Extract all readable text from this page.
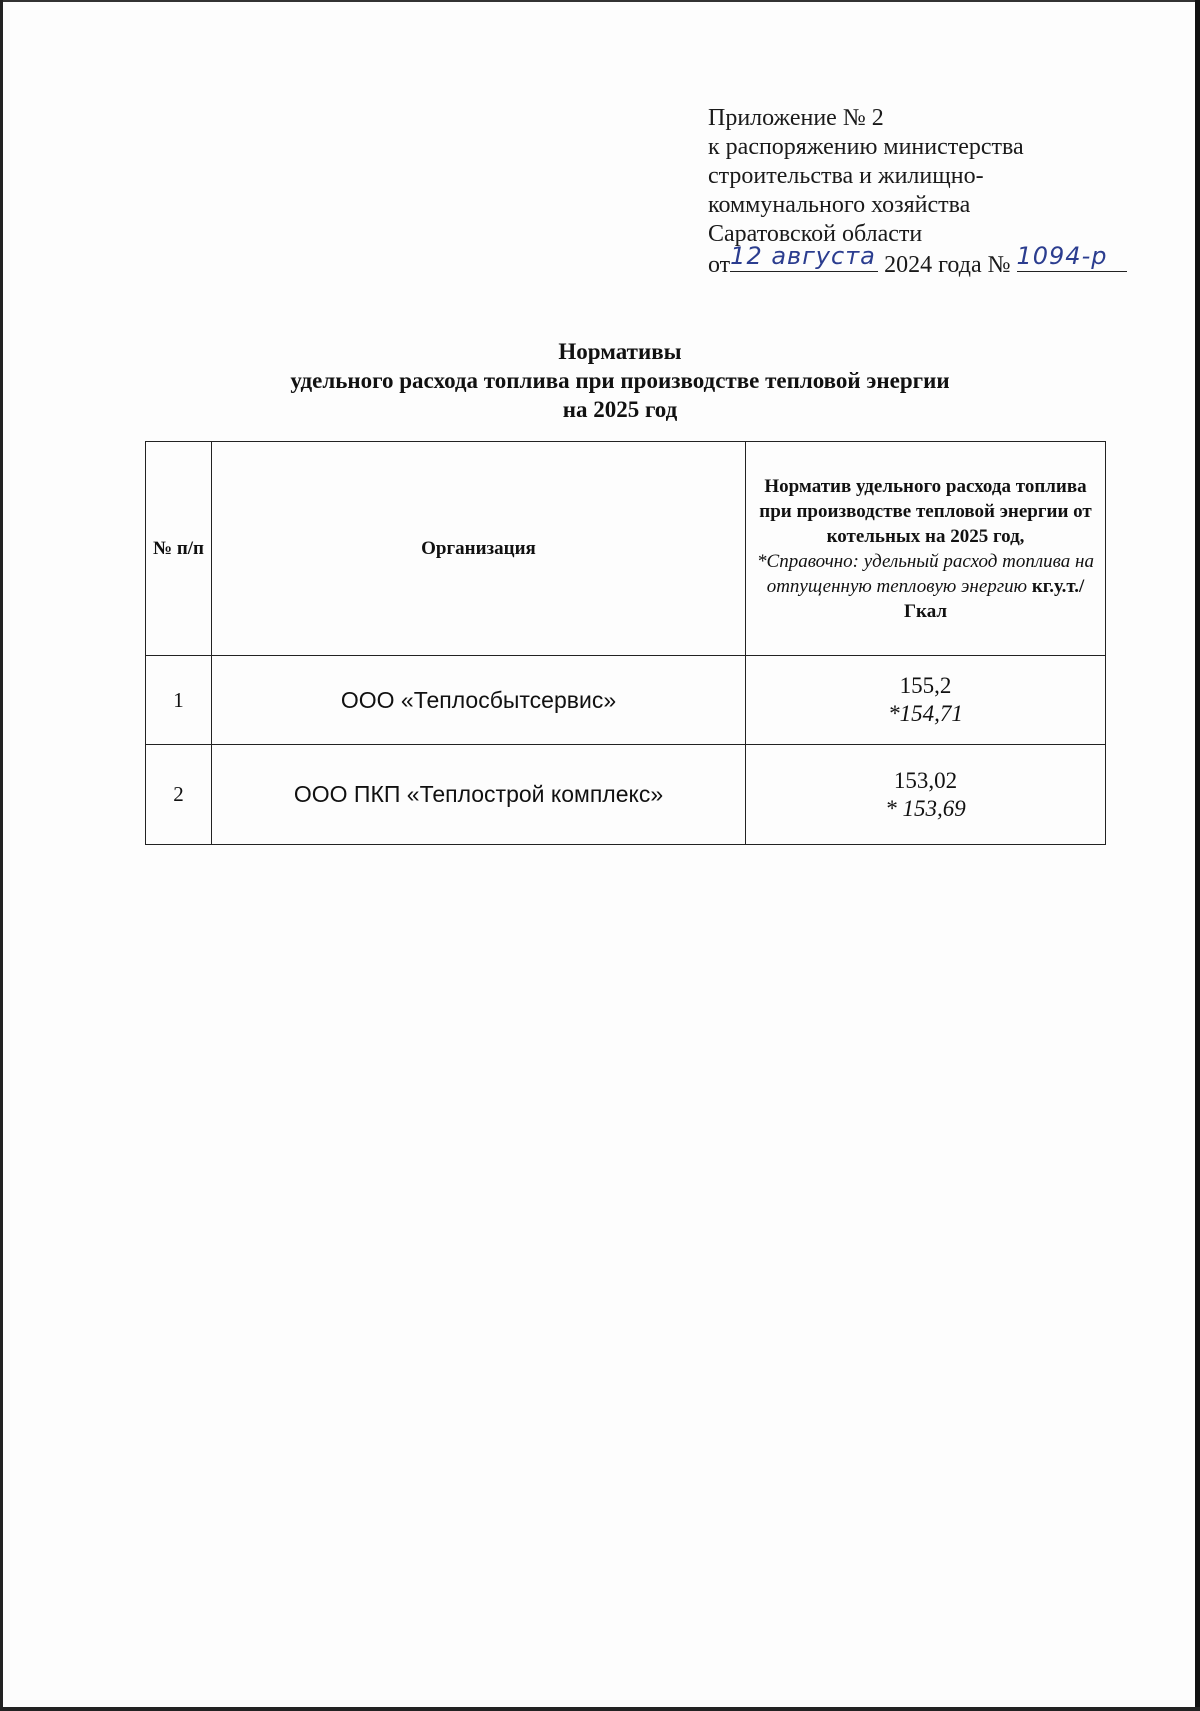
Приложение № 2
к распоряжению министерства
строительства и жилищно-
коммунального хозяйства
Саратовской области
от 12 августа 2024 года № 1094-р
Нормативы
удельного расхода топлива при производстве тепловой энергии
на 2025 год
№ п/п	Организация	Норматив удельного расхода топлива при производстве тепловой энергии от котельных на 2025 год,
*Справочно: удельный расход топлива на отпущенную тепловую энергию кг.у.т./Гкал
1	ООО «Теплосбытсервис»	155,2
*154,71

2	ООО ПКП «Теплострой комплекс»	153,02
* 153,69
